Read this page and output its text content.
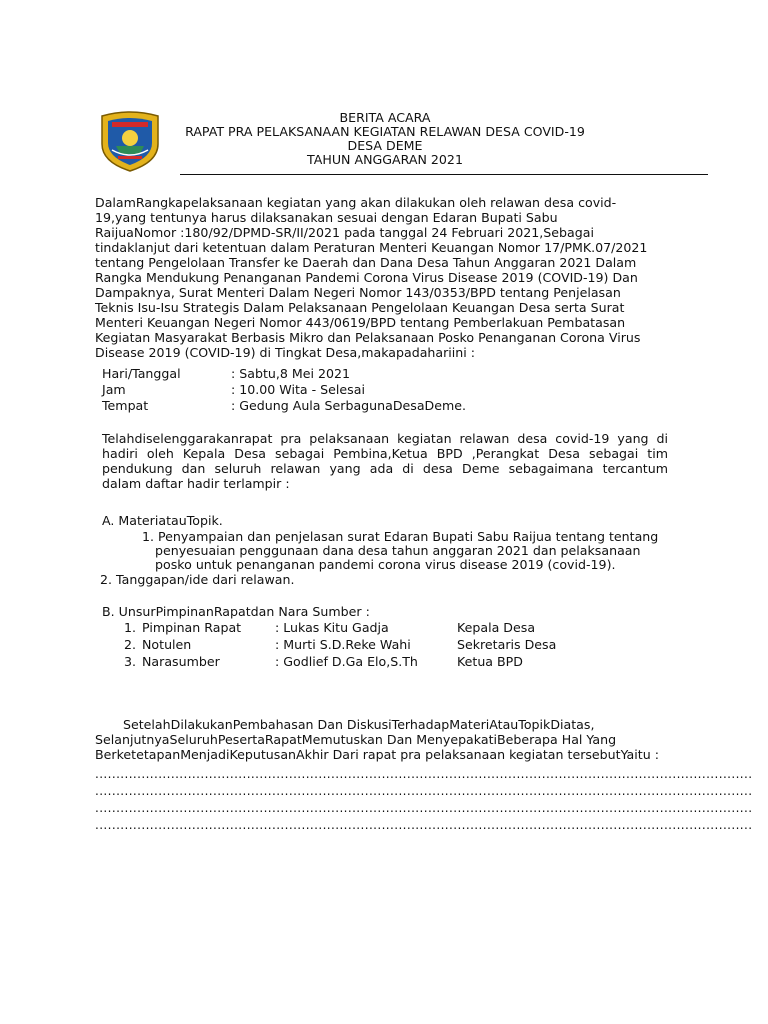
BERITA ACARA
RAPAT PRA PELAKSANAAN KEGIATAN RELAWAN DESA COVID-19
DESA DEME
TAHUN ANGGARAN 2021
DalamRangkapelaksanaan kegiatan yang akan dilakukan oleh relawan desa covid-
19,yang tentunya harus dilaksanakan sesuai dengan Edaran Bupati Sabu
RaijuaNomor :180/92/DPMD-SR/II/2021 pada tanggal 24 Februari 2021,Sebagai
tindaklanjut dari ketentuan dalam Peraturan Menteri Keuangan Nomor 17/PMK.07/2021
tentang Pengelolaan Transfer ke Daerah dan Dana Desa Tahun Anggaran 2021 Dalam
Rangka Mendukung Penanganan Pandemi Corona Virus Disease 2019 (COVID-19) Dan
Dampaknya, Surat Menteri Dalam Negeri Nomor 143/0353/BPD tentang Penjelasan
Teknis Isu-Isu Strategis Dalam Pelaksanaan Pengelolaan Keuangan Desa serta Surat
Menteri Keuangan Negeri Nomor 443/0619/BPD tentang Pemberlakuan Pembatasan
Kegiatan Masyarakat Berbasis Mikro dan Pelaksanaan Posko Penanganan Corona Virus
Disease 2019 (COVID-19) di Tingkat Desa,makapadahariini :
Hari/Tanggal	: Sabtu,8 Mei 2021
Jam	: 10.00 Wita - Selesai
Tempat	: Gedung Aula SerbagunaDesaDeme.
Telahdiselenggarakanrapat pra pelaksanaan kegiatan relawan desa covid-19 yang di
hadiri oleh Kepala Desa sebagai Pembina,Ketua BPD ,Perangkat Desa sebagai tim
pendukung dan seluruh relawan yang ada di desa Deme sebagaimana tercantum
dalam daftar hadir terlampir :
A. MateriatauTopik.
1. Penyampaian dan penjelasan surat Edaran Bupati Sabu Raijua tentang tentang
penyesuaian penggunaan dana desa tahun anggaran 2021 dan pelaksanaan
posko untuk penanganan pandemi corona virus disease 2019 (covid-19).
2. Tanggapan/ide dari relawan.
B. UnsurPimpinanRapatdan Nara Sumber :
1. Pimpinan Rapat	: Lukas Kitu Gadja	Kepala Desa
2. Notulen	: Murti S.D.Reke Wahi	Sekretaris Desa
3. Narasumber	: Godlief D.Ga Elo,S.Th	Ketua BPD
SetelahDilakukanPembahasan Dan DiskusiTerhadapMateriAtauTopikDiatas,
SelanjutnyaSeluruhPesertaRapatMemutuskan Dan MenyepakatiBeberapa Hal Yang
BerketetapanMenjadiKeputusanAkhir Dari rapat pra pelaksanaan kegiatan tersebutYaitu :
............................................................................................................................................................
............................................................................................................................................................
............................................................................................................................................................
............................................................................................................................................................
